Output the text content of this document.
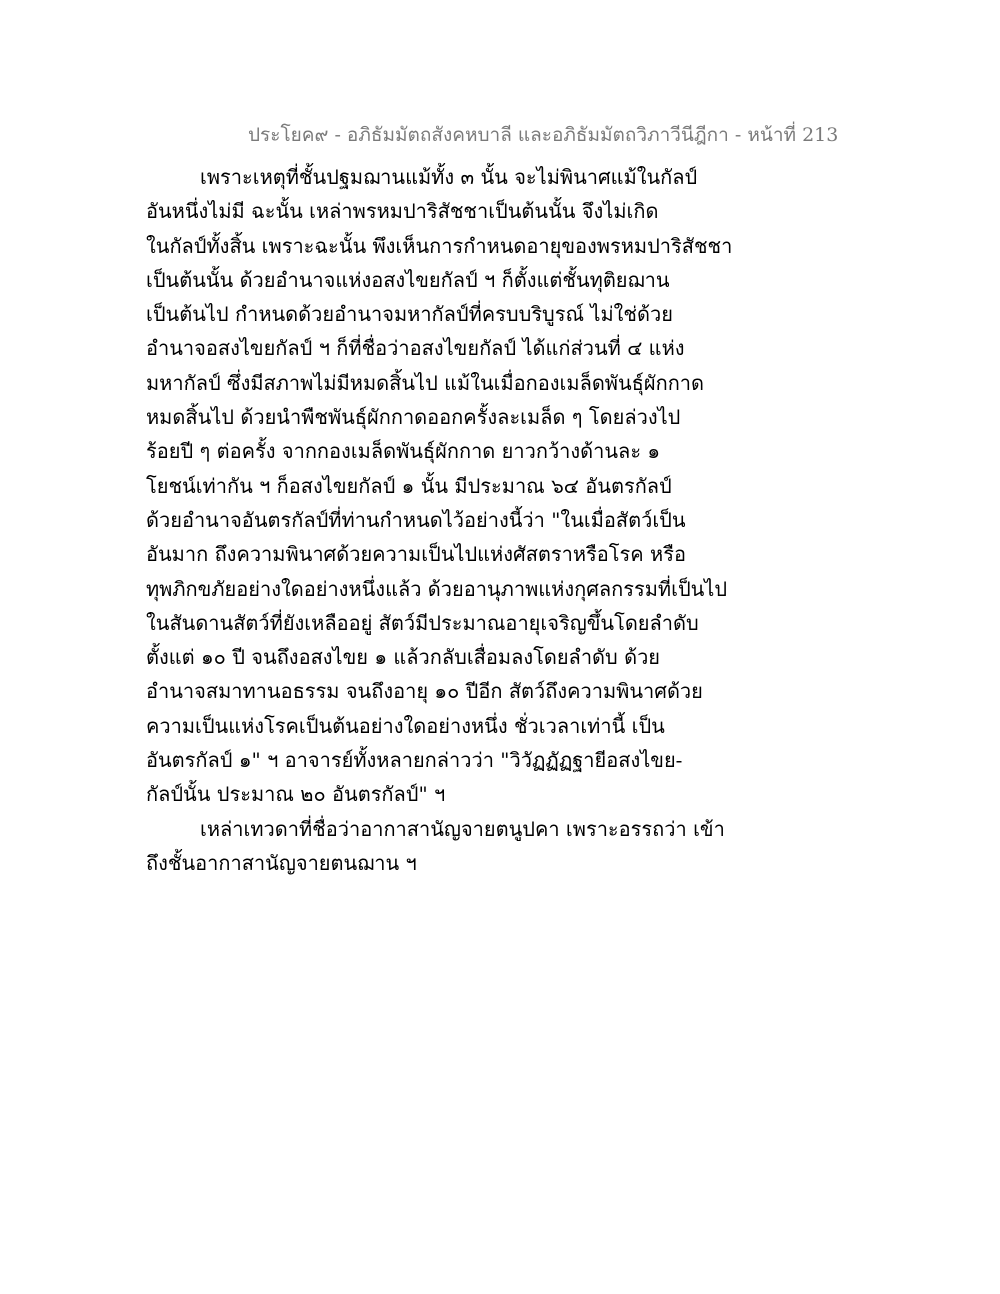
ประโยค๙ - อภิธัมมัตถสังคหบาลี และอภิธัมมัตถวิภาวีนีฎีกา - หน้าที่ 213
เพราะเหตุที่ชั้นปฐมฌานแม้ทั้ง ๓ นั้น จะไม่พินาศแม้ในกัลป์
อันหนึ่งไม่มี ฉะนั้น เหล่าพรหมปาริสัชชาเป็นต้นนั้น จึงไม่เกิด
ในกัลป์ทั้งสิ้น เพราะฉะนั้น พึงเห็นการกำหนดอายุของพรหมปาริสัชชา
เป็นต้นนั้น ด้วยอำนาจแห่งอสงไขยกัลป์ ฯ ก็ตั้งแต่ชั้นทุติยฌาน
เป็นต้นไป กำหนดด้วยอำนาจมหากัลป์ที่ครบบริบูรณ์ ไม่ใช่ด้วย
อำนาจอสงไขยกัลป์ ฯ ก็ที่ชื่อว่าอสงไขยกัลป์ ได้แก่ส่วนที่ ๔ แห่ง
มหากัลป์ ซึ่งมีสภาพไม่มีหมดสิ้นไป แม้ในเมื่อกองเมล็ดพันธุ์ผักกาด
หมดสิ้นไป ด้วยนำพืชพันธุ์ผักกาดออกครั้งละเมล็ด ๆ โดยล่วงไป
ร้อยปี ๆ ต่อครั้ง จากกองเมล็ดพันธุ์ผักกาด ยาวกว้างด้านละ ๑
โยชน์เท่ากัน ฯ ก็อสงไขยกัลป์ ๑ นั้น มีประมาณ ๖๔ อันตรกัลป์
ด้วยอำนาจอันตรกัลป์ที่ท่านกำหนดไว้อย่างนี้ว่า "ในเมื่อสัตว์เป็น
อันมาก ถึงความพินาศด้วยความเป็นไปแห่งศัสตราหรือโรค หรือ
ทุพภิกขภัยอย่างใดอย่างหนึ่งแล้ว ด้วยอานุภาพแห่งกุศลกรรมที่เป็นไป
ในสันดานสัตว์ที่ยังเหลืออยู่ สัตว์มีประมาณอายุเจริญขึ้นโดยลำดับ
ตั้งแต่ ๑๐ ปี จนถึงอสงไขย ๑ แล้วกลับเสื่อมลงโดยลำดับ ด้วย
อำนาจสมาทานอธรรม จนถึงอายุ ๑๐ ปีอีก สัตว์ถึงความพินาศด้วย
ความเป็นแห่งโรคเป็นต้นอย่างใดอย่างหนึ่ง ชั่วเวลาเท่านี้ เป็น
อันตรกัลป์ ๑" ฯ อาจารย์ทั้งหลายกล่าวว่า "วิวัฏฏัฏฐายีอสงไขย-
กัลป์นั้น ประมาณ ๒๐ อันตรกัลป์" ฯ
เหล่าเทวดาที่ชื่อว่าอากาสานัญจายตนูปคา เพราะอรรถว่า เข้า
ถึงชั้นอากาสานัญจายตนฌาน ฯ
